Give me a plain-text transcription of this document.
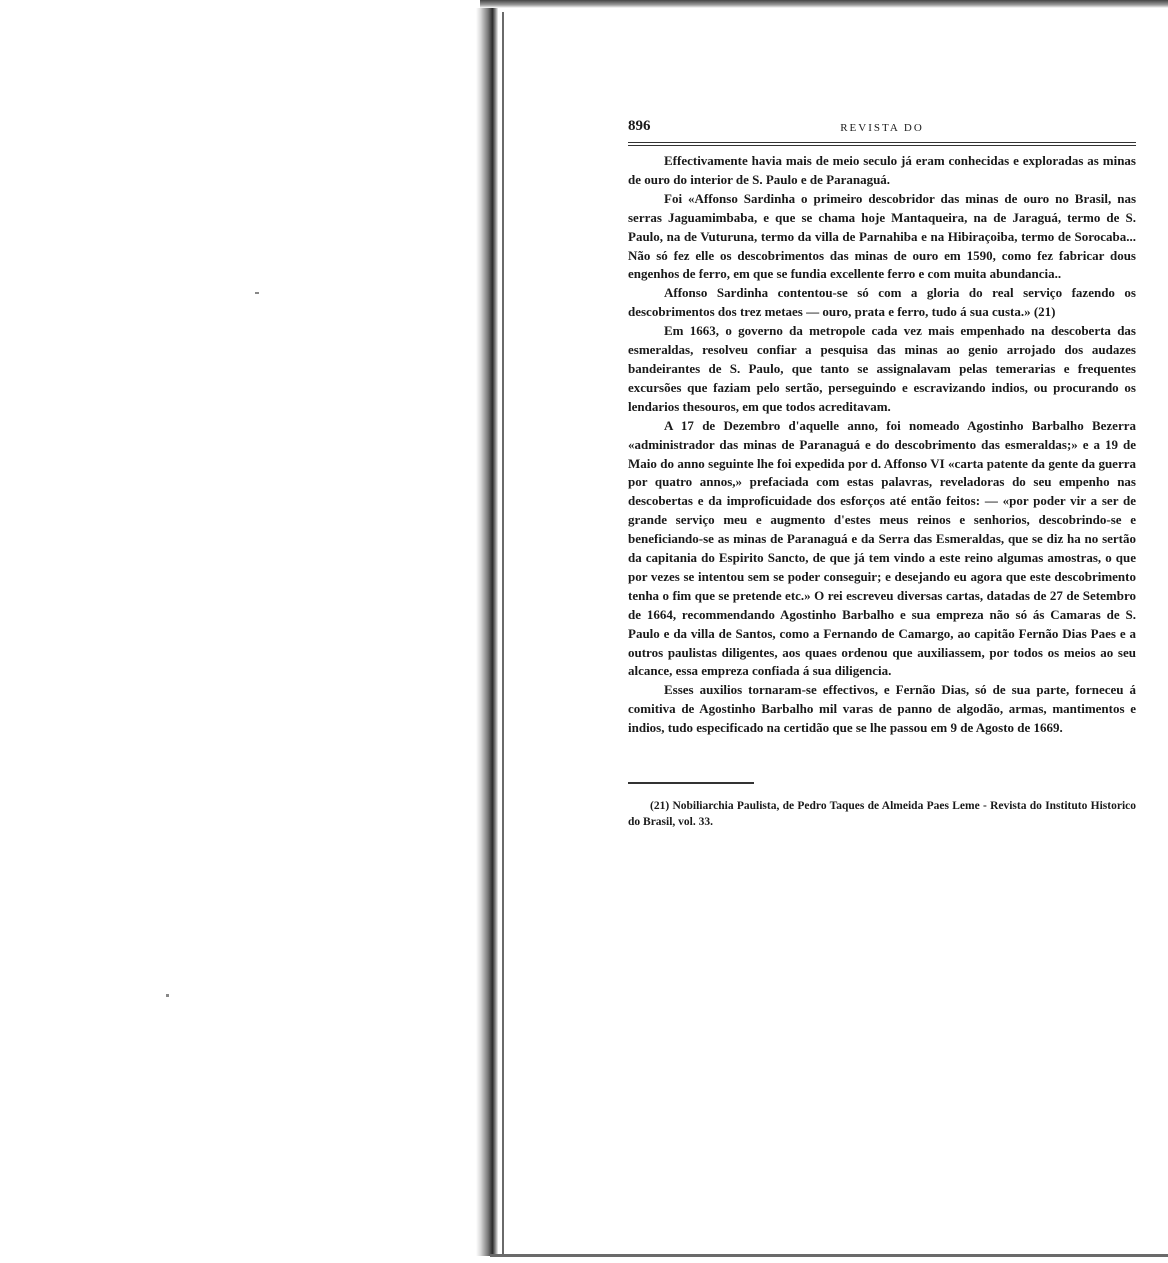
896	REVISTA DO

Effectivamente havia mais de meio seculo já eram conhecidas e exploradas as minas de ouro do interior de S. Paulo e de Paranaguá.

Foi «Affonso Sardinha o primeiro descobridor das minas de ouro no Brasil, nas serras Jaguamimbaba, e que se chama hoje Mantaqueira, na de Jaraguá, termo de S. Paulo, na de Vuturuna, termo da villa de Parnahiba e na Hibiraçoiba, termo de Sorocaba... Não só fez elle os descobrimentos das minas de ouro em 1590, como fez fabricar dous engenhos de ferro, em que se fundia excellente ferro e com muita abundancia..

Affonso Sardinha contentou-se só com a gloria do real serviço fazendo os descobrimentos dos trez metaes — ouro, prata e ferro, tudo á sua custa.» (21)

Em 1663, o governo da metropole cada vez mais empenhado na descoberta das esmeraldas, resolveu confiar a pesquisa das minas ao genio arrojado dos audazes bandeirantes de S. Paulo, que tanto se assignalavam pelas temerarias e frequentes excursões que faziam pelo sertão, perseguindo e escravizando indios, ou procurando os lendarios thesouros, em que todos acreditavam.

A 17 de Dezembro d'aquelle anno, foi nomeado Agostinho Barbalho Bezerra «administrador das minas de Paranaguá e do descobrimento das esmeraldas;» e a 19 de Maio do anno seguinte lhe foi expedida por d. Affonso VI «carta patente da gente da guerra por quatro annos,» prefaciada com estas palavras, reveladoras do seu empenho nas descobertas e da improficuidade dos esforços até então feitos: — «por poder vir a ser de grande serviço meu e augmento d'estes meus reinos e senhorios, descobrindo-se e beneficiando-se as minas de Paranaguá e da Serra das Esmeraldas, que se diz ha no sertão da capitania do Espirito Sancto, de que já tem vindo a este reino algumas amostras, o que por vezes se intentou sem se poder conseguir; e desejando eu agora que este descobrimento tenha o fim que se pretende etc.» O rei escreveu diversas cartas, datadas de 27 de Setembro de 1664, recommendando Agostinho Barbalho e sua empreza não só ás Camaras de S. Paulo e da villa de Santos, como a Fernando de Camargo, ao capitão Fernão Dias Paes e a outros paulistas diligentes, aos quaes ordenou que auxiliassem, por todos os meios ao seu alcance, essa empreza confiada á sua diligencia.

Esses auxilios tornaram-se effectivos, e Fernão Dias, só de sua parte, forneceu á comitiva de Agostinho Barbalho mil varas de panno de algodão, armas, mantimentos e indios, tudo especificado na certidão que se lhe passou em 9 de Agosto de 1669.

(21) Nobiliarchia Paulista, de Pedro Taques de Almeida Paes Leme - Revista do Instituto Historico do Brasil, vol. 33.
